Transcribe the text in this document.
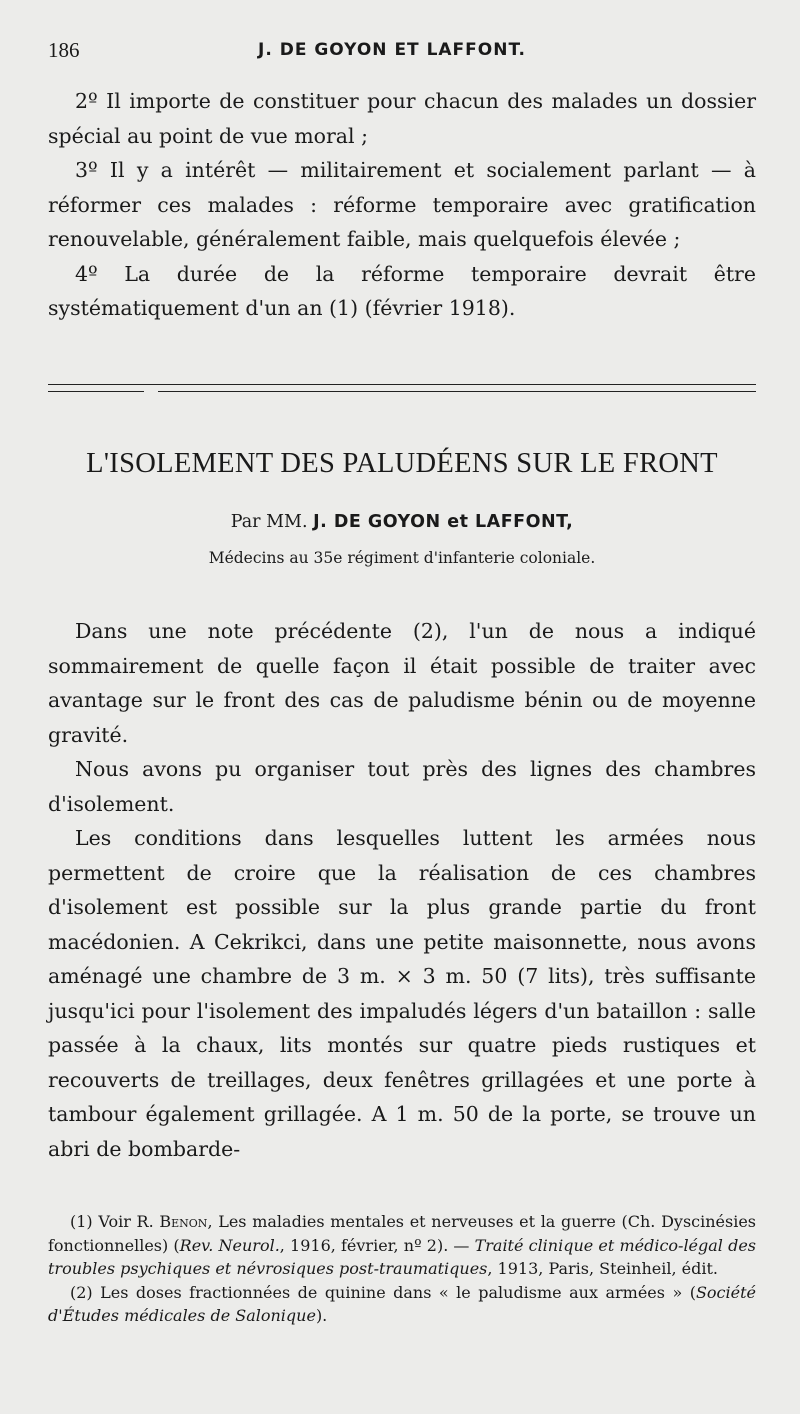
186	J. DE GOYON ET LAFFONT.

2º Il importe de constituer pour chacun des malades un dossier spécial au point de vue moral ;

3º Il y a intérêt — militairement et socialement parlant — à réformer ces malades : réforme temporaire avec gratification renouvelable, généralement faible, mais quelquefois élevée ;

4º La durée de la réforme temporaire devrait être systématiquement d'un an (1) (février 1918).

L'ISOLEMENT DES PALUDÉENS SUR LE FRONT
Par MM. J. DE GOYON et LAFFONT,
Médecins au 35e régiment d'infanterie coloniale.

Dans une note précédente (2), l'un de nous a indiqué sommairement de quelle façon il était possible de traiter avec avantage sur le front des cas de paludisme bénin ou de moyenne gravité.

Nous avons pu organiser tout près des lignes des chambres d'isolement.

Les conditions dans lesquelles luttent les armées nous permettent de croire que la réalisation de ces chambres d'isolement est possible sur la plus grande partie du front macédonien. A Cekrikci, dans une petite maisonnette, nous avons aménagé une chambre de 3 m. × 3 m. 50 (7 lits), très suffisante jusqu'ici pour l'isolement des impaludés légers d'un bataillon : salle passée à la chaux, lits montés sur quatre pieds rustiques et recouverts de treillages, deux fenêtres grillagées et une porte à tambour également grillagée. A 1 m. 50 de la porte, se trouve un abri de bombarde-

(1) Voir R. Benon, Les maladies mentales et nerveuses et la guerre (Ch. Dyscinésies fonctionnelles) (Rev. Neurol., 1916, février, nº 2). — Traité clinique et médico-légal des troubles psychiques et névrosiques post-traumatiques, 1913, Paris, Steinheil, édit.

(2) Les doses fractionnées de quinine dans « le paludisme aux armées » (Société d'Études médicales de Salonique).
